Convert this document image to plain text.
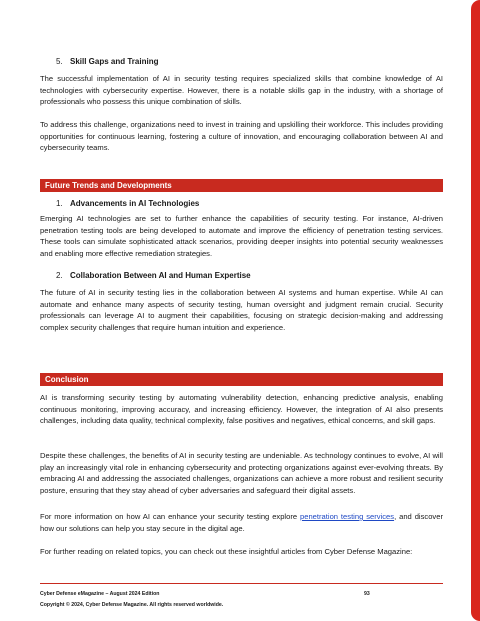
5. Skill Gaps and Training

The successful implementation of AI in security testing requires specialized skills that combine knowledge of AI technologies with cybersecurity expertise. However, there is a notable skills gap in the industry, with a shortage of professionals who possess this unique combination of skills.

To address this challenge, organizations need to invest in training and upskilling their workforce. This includes providing opportunities for continuous learning, fostering a culture of innovation, and encouraging collaboration between AI and cybersecurity teams.

Future Trends and Developments
1. Advancements in AI Technologies

Emerging AI technologies are set to further enhance the capabilities of security testing. For instance, AI-driven penetration testing tools are being developed to automate and improve the efficiency of penetration testing services. These tools can simulate sophisticated attack scenarios, providing deeper insights into potential security weaknesses and enabling more effective remediation strategies.

2. Collaboration Between AI and Human Expertise

The future of AI in security testing lies in the collaboration between AI systems and human expertise. While AI can automate and enhance many aspects of security testing, human oversight and judgment remain crucial. Security professionals can leverage AI to augment their capabilities, focusing on strategic decision-making and addressing complex security challenges that require human intuition and experience.

Conclusion

AI is transforming security testing by automating vulnerability detection, enhancing predictive analysis, enabling continuous monitoring, improving accuracy, and increasing efficiency. However, the integration of AI also presents challenges, including data quality, technical complexity, false positives and negatives, ethical concerns, and skill gaps.

Despite these challenges, the benefits of AI in security testing are undeniable. As technology continues to evolve, AI will play an increasingly vital role in enhancing cybersecurity and protecting organizations against ever-evolving threats. By embracing AI and addressing the associated challenges, organizations can achieve a more robust and resilient security posture, ensuring that they stay ahead of cyber adversaries and safeguard their digital assets.

For more information on how AI can enhance your security testing explore penetration testing services, and discover how our solutions can help you stay secure in the digital age.

For further reading on related topics, you can check out these insightful articles from Cyber Defense Magazine:

Cyber Defense eMagazine – August 2024 Edition	93
Copyright © 2024, Cyber Defense Magazine. All rights reserved worldwide.
